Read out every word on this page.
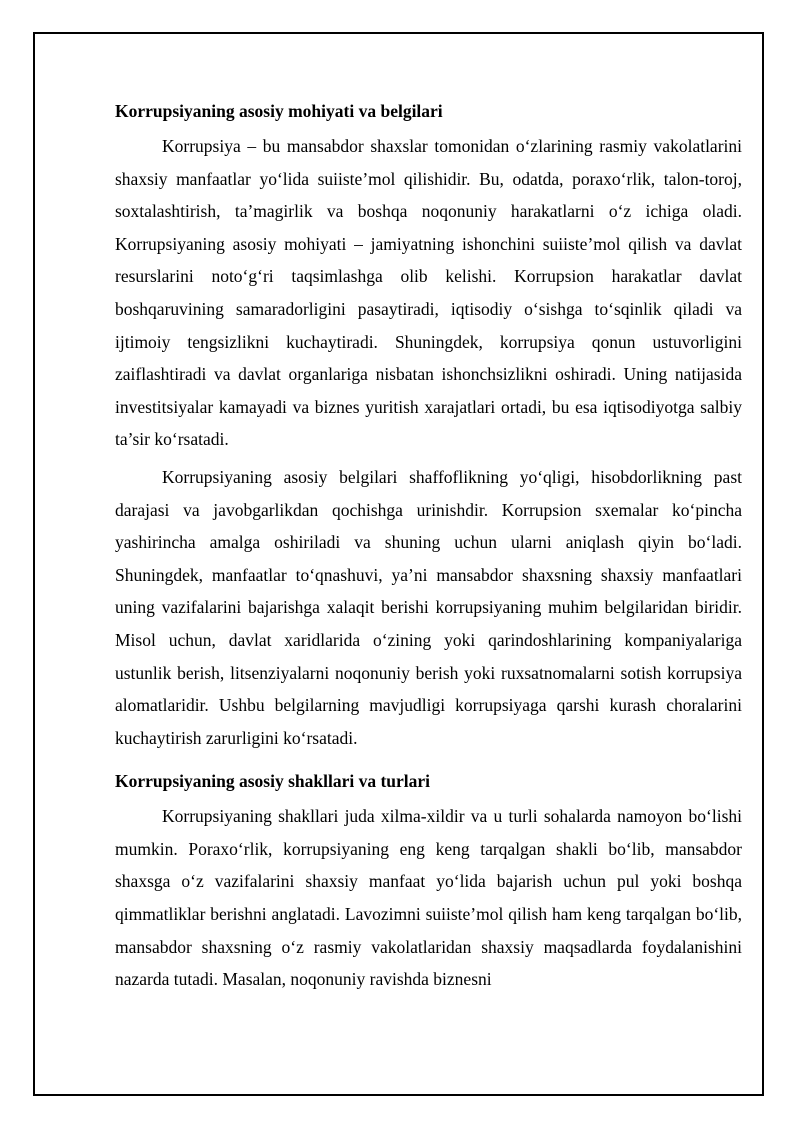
Korrupsiyaning asosiy mohiyati va belgilari

Korrupsiya – bu mansabdor shaxslar tomonidan o‘zlarining rasmiy vakolatlarini shaxsiy manfaatlar yo‘lida suiiste’mol qilishidir. Bu, odatda, poraxo‘rlik, talon-toroj, soxtalashtirish, ta’magirlik va boshqa noqonuniy harakatlarni o‘z ichiga oladi. Korrupsiyaning asosiy mohiyati – jamiyatning ishonchini suiiste’mol qilish va davlat resurslarini noto‘g‘ri taqsimlashga olib kelishi. Korrupsion harakatlar davlat boshqaruvining samaradorligini pasaytiradi, iqtisodiy o‘sishga to‘sqinlik qiladi va ijtimoiy tengsizlikni kuchaytiradi. Shuningdek, korrupsiya qonun ustuvorligini zaiflashtiradi va davlat organlariga nisbatan ishonchsizlikni oshiradi. Uning natijasida investitsiyalar kamayadi va biznes yuritish xarajatlari ortadi, bu esa iqtisodiyotga salbiy ta’sir ko‘rsatadi.

Korrupsiyaning asosiy belgilari shaffoflikning yo‘qligi, hisobdorlikning past darajasi va javobgarlikdan qochishga urinishdir. Korrupsion sxemalar ko‘pincha yashirincha amalga oshiriladi va shuning uchun ularni aniqlash qiyin bo‘ladi. Shuningdek, manfaatlar to‘qnashuvi, ya’ni mansabdor shaxsning shaxsiy manfaatlari uning vazifalarini bajarishga xalaqit berishi korrupsiyaning muhim belgilaridan biridir. Misol uchun, davlat xaridlarida o‘zining yoki qarindoshlarining kompaniyalariga ustunlik berish, litsenziyalarni noqonuniy berish yoki ruxsatnomalarni sotish korrupsiya alomatlaridir. Ushbu belgilarning mavjudligi korrupsiyaga qarshi kurash choralarini kuchaytirish zarurligini ko‘rsatadi.

Korrupsiyaning asosiy shakllari va turlari

Korrupsiyaning shakllari juda xilma-xildir va u turli sohalarda namoyon bo‘lishi mumkin. Poraxo‘rlik, korrupsiyaning eng keng tarqalgan shakli bo‘lib, mansabdor shaxsga o‘z vazifalarini shaxsiy manfaat yo‘lida bajarish uchun pul yoki boshqa qimmatliklar berishni anglatadi. Lavozimni suiiste’mol qilish ham keng tarqalgan bo‘lib, mansabdor shaxsning o‘z rasmiy vakolatlaridan shaxsiy maqsadlarda foydalanishini nazarda tutadi. Masalan, noqonuniy ravishda biznesni
